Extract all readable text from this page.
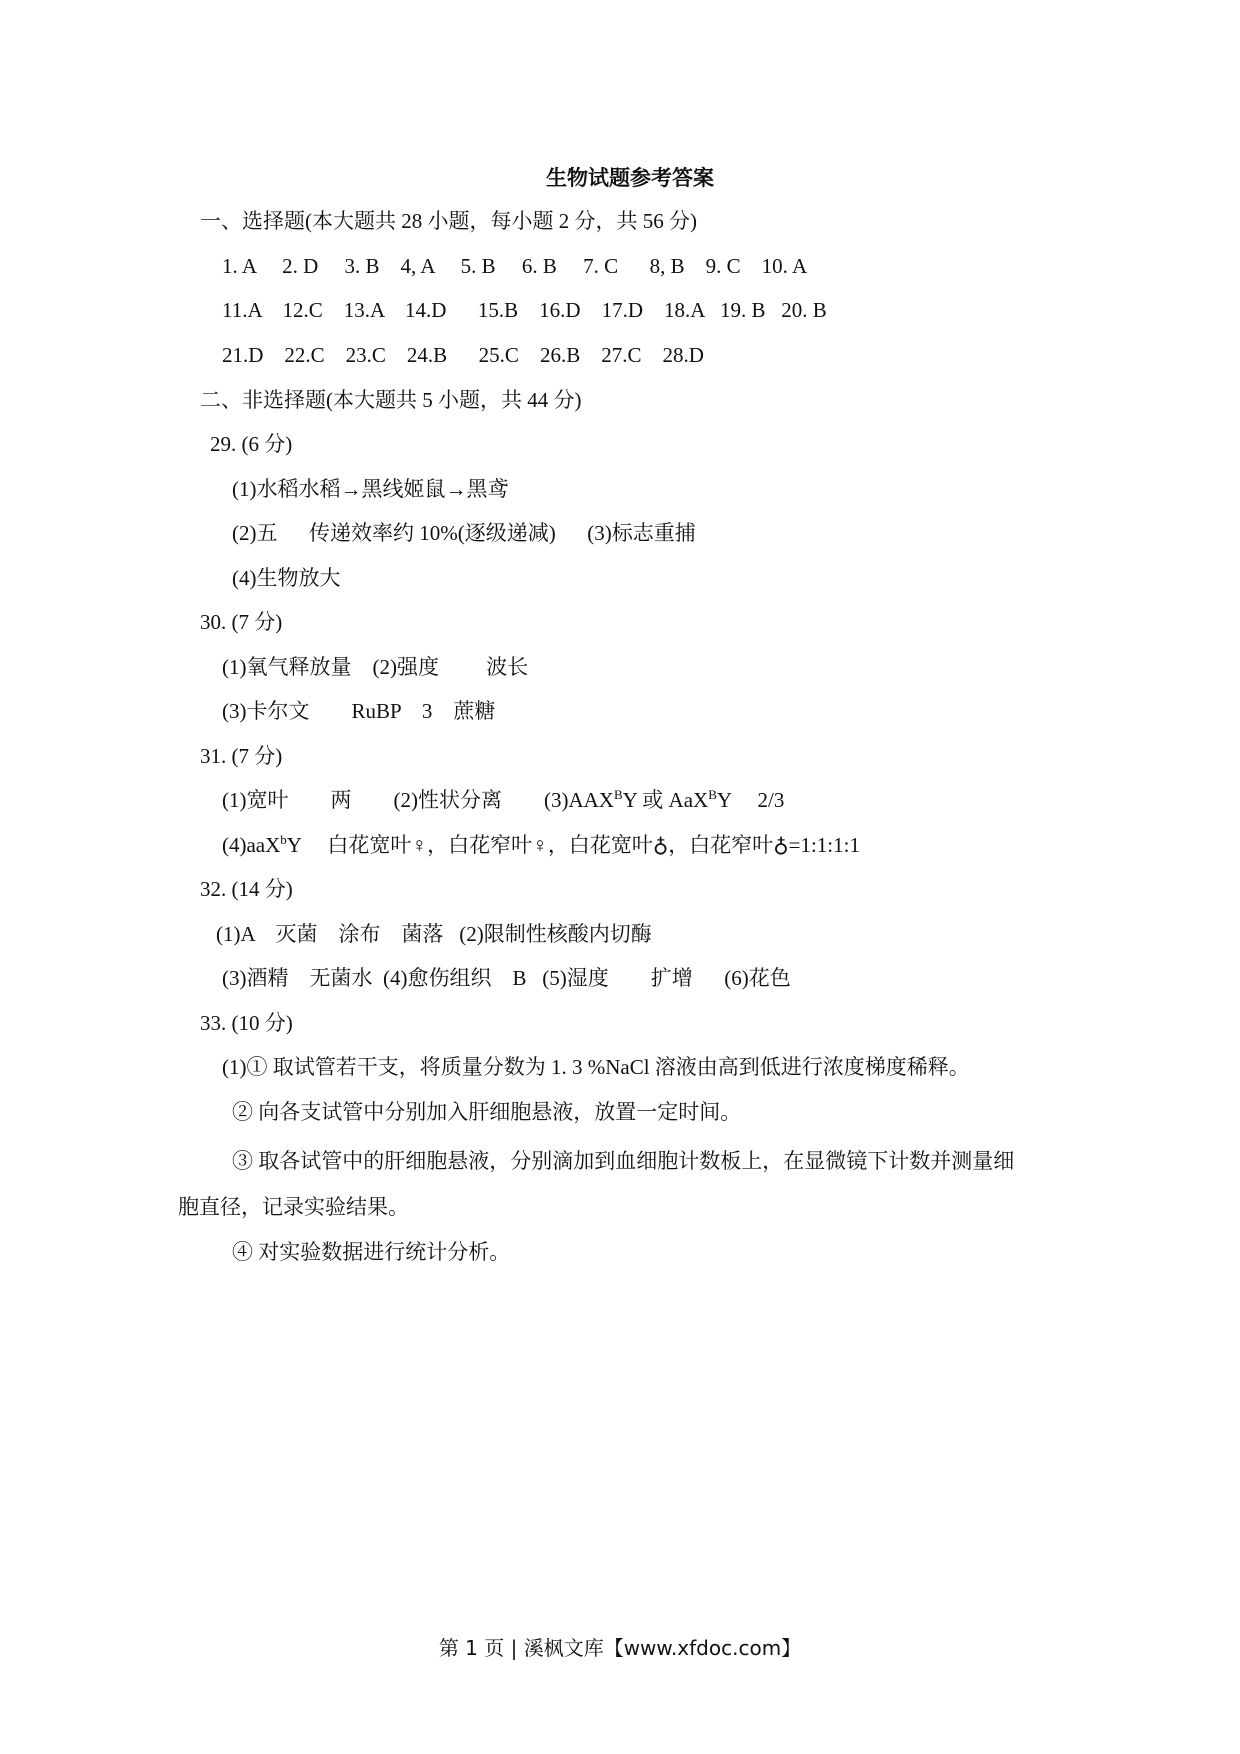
生物试题参考答案
一、选择题(本大题共 28 小题，每小题 2 分，共 56 分)
1. A     2. D     3. B    4, A     5. B     6. B     7. C      8, B    9. C    10. A
11.A    12.C    13.A    14.D      15.B    16.D    17.D    18.A   19. B   20. B
21.D    22.C    23.C    24.B      25.C    26.B    27.C    28.D
二、非选择题(本大题共 5 小题，共 44 分)
29. (6 分)
(1)水稻水稻→黑线姬鼠→黑鸢
(2)五      传递效率约 10%(逐级递减)      (3)标志重捕
(4)生物放大
30. (7 分)
(1)氧气释放量    (2)强度         波长
(3)卡尔文        RuBP    3    蔗糖
31. (7 分)
(1)宽叶        两        (2)性状分离        $(3)AAX^BY$ 或 AaX$^B$Y     2/3
(4)aaX$^b$Y     白花宽叶♀，白花窄叶♀，白花宽叶♁，白花窄叶♁=1:1:1:1
32. (14 分)
(1)A    灭菌    涂布    菌落   (2)限制性核酸内切酶
(3)酒精    无菌水  (4)愈伤组织    B   (5)湿度        扩增      (6)花色
33. (10 分)
(1)① 取试管若干支，将质量分数为 1. 3 %NaCl 溶液由高到低进行浓度梯度稀释。
② 向各支试管中分别加入肝细胞悬液，放置一定时间。
③ 取各试管中的肝细胞悬液，分别滴加到血细胞计数板上，在显微镜下计数并测量细
胞直径，记录实验结果。
④ 对实验数据进行统计分析。
第 1 页 | 溪枫文库【www.xfdoc.com】
